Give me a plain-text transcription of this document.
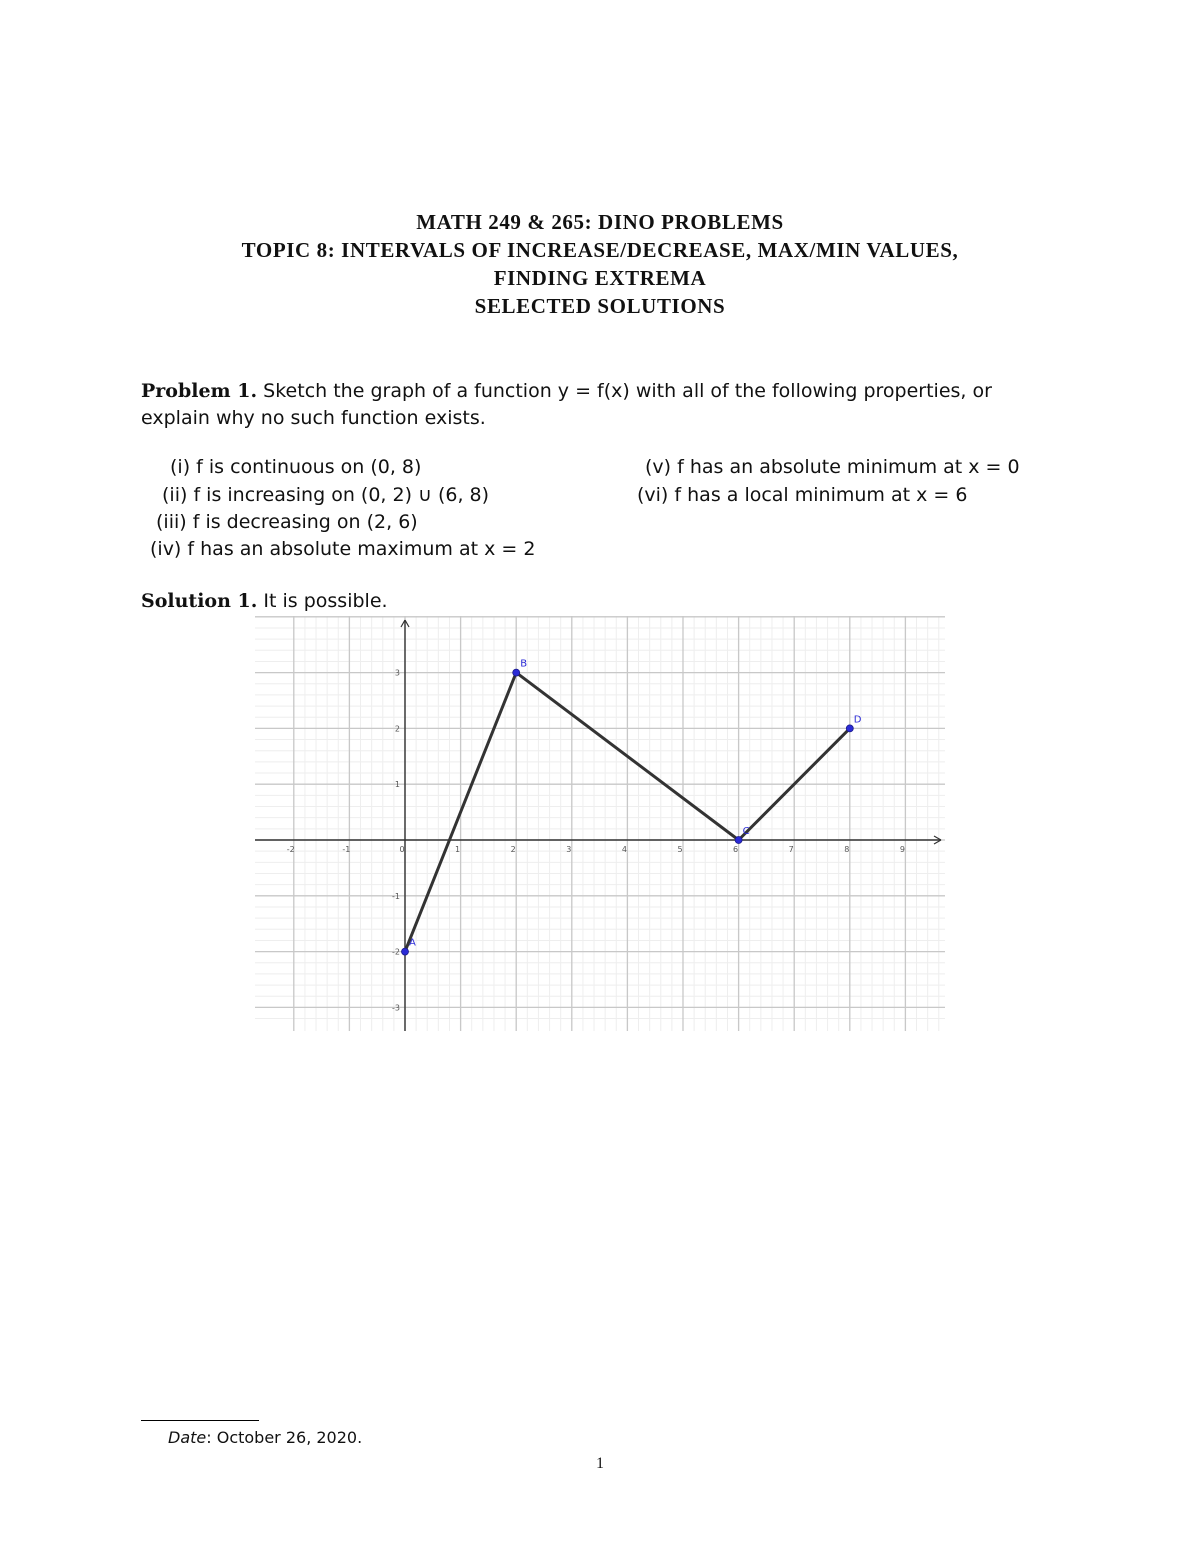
MATH 249 & 265: DINO PROBLEMS
TOPIC 8: INTERVALS OF INCREASE/DECREASE, MAX/MIN VALUES,
FINDING EXTREMA
SELECTED SOLUTIONS
Problem 1. Sketch the graph of a function y = f(x) with all of the following properties, or explain why no such function exists.
(i) f is continuous on (0, 8)
(ii) f is increasing on (0, 2) ∪ (6, 8)
(iii) f is decreasing on (2, 6)
(iv) f has an absolute maximum at x = 2
(v) f has an absolute minimum at x = 0
(vi) f has a local minimum at x = 6
Solution 1. It is possible.
-2	-1	0	1	2	3	4	5	6	7	8	9
3
2
1
-1
-2
-3
A
B
C
D
Date: October 26, 2020.
1
